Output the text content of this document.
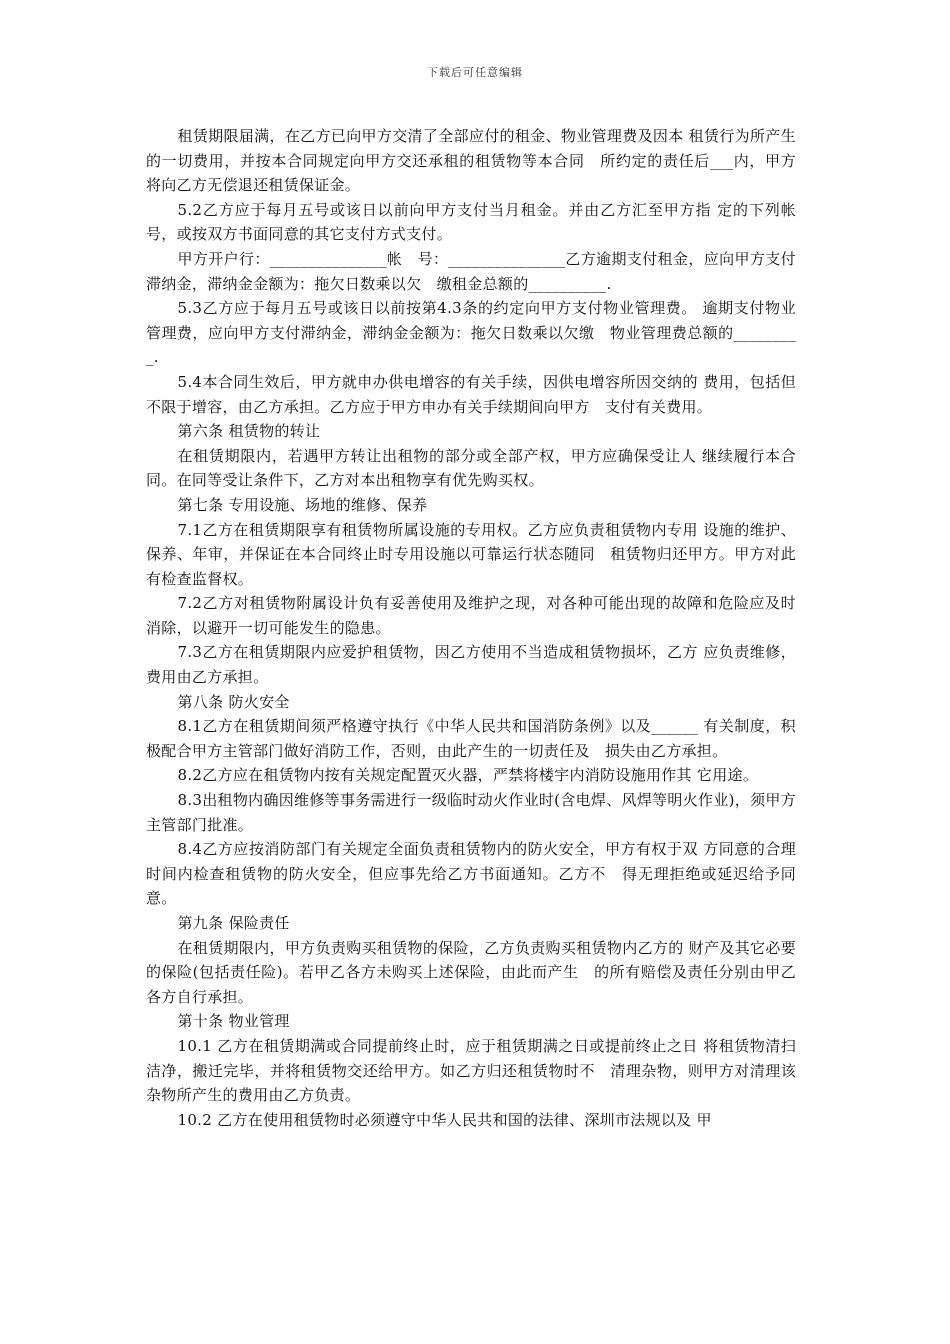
下载后可任意编辑

租赁期限届满，在乙方已向甲方交清了全部应付的租金、物业管理费及因本 租赁行为所产生的一切费用，并按本合同规定向甲方交还承租的租赁物等本合同　所约定的责任后___内，甲方将向乙方无偿退还租赁保证金。

5.2乙方应于每月五号或该日以前向甲方支付当月租金。并由乙方汇至甲方指 定的下列帐号，或按双方书面同意的其它支付方式支付。

甲方开户行：_______________帐　号：_______________乙方逾期支付租金，应向甲方支付滞纳金，滞纳金金额为：拖欠日数乘以欠　缴租金总额的__________.

5.3乙方应于每月五号或该日以前按第4.3条的约定向甲方支付物业管理费。 逾期支付物业管理费，应向甲方支付滞纳金，滞纳金金额为：拖欠日数乘以欠缴　物业管理费总额的_________.

5.4本合同生效后，甲方就申办供电增容的有关手续，因供电增容所因交纳的 费用，包括但不限于增容，由乙方承担。乙方应于甲方申办有关手续期间向甲方　支付有关费用。

第六条 租赁物的转让

在租赁期限内，若遇甲方转让出租物的部分或全部产权，甲方应确保受让人 继续履行本合同。在同等受让条件下，乙方对本出租物享有优先购买权。

第七条 专用设施、场地的维修、保养

7.1乙方在租赁期限享有租赁物所属设施的专用权。乙方应负责租赁物内专用 设施的维护、保养、年审，并保证在本合同终止时专用设施以可靠运行状态随同　租赁物归还甲方。甲方对此有检查监督权。

7.2乙方对租赁物附属设计负有妥善使用及维护之现，对各种可能出现的故障和危险应及时消除，以避开一切可能发生的隐患。

7.3乙方在租赁期限内应爱护租赁物，因乙方使用不当造成租赁物损坏，乙方 应负责维修，费用由乙方承担。

第八条 防火安全

8.1乙方在租赁期间须严格遵守执行《中华人民共和国消防条例》以及______ 有关制度，积极配合甲方主管部门做好消防工作，否则，由此产生的一切责任及　损失由乙方承担。

8.2乙方应在租赁物内按有关规定配置灭火器，严禁将楼宇内消防设施用作其 它用途。

8.3出租物内确因维修等事务需进行一级临时动火作业时(含电焊、风焊等明火作业)，须甲方主管部门批准。

8.4乙方应按消防部门有关规定全面负责租赁物内的防火安全，甲方有权于双 方同意的合理时间内检查租赁物的防火安全，但应事先给乙方书面通知。乙方不　得无理拒绝或延迟给予同意。

第九条 保险责任

在租赁期限内，甲方负责购买租赁物的保险，乙方负责购买租赁物内乙方的 财产及其它必要的保险(包括责任险)。若甲乙各方未购买上述保险，由此而产生　的所有赔偿及责任分别由甲乙各方自行承担。

第十条 物业管理

10.1 乙方在租赁期满或合同提前终止时，应于租赁期满之日或提前终止之日 将租赁物清扫洁净，搬迁完毕，并将租赁物交还给甲方。如乙方归还租赁物时不　清理杂物，则甲方对清理该杂物所产生的费用由乙方负责。

10.2 乙方在使用租赁物时必须遵守中华人民共和国的法律、深圳市法规以及 甲
